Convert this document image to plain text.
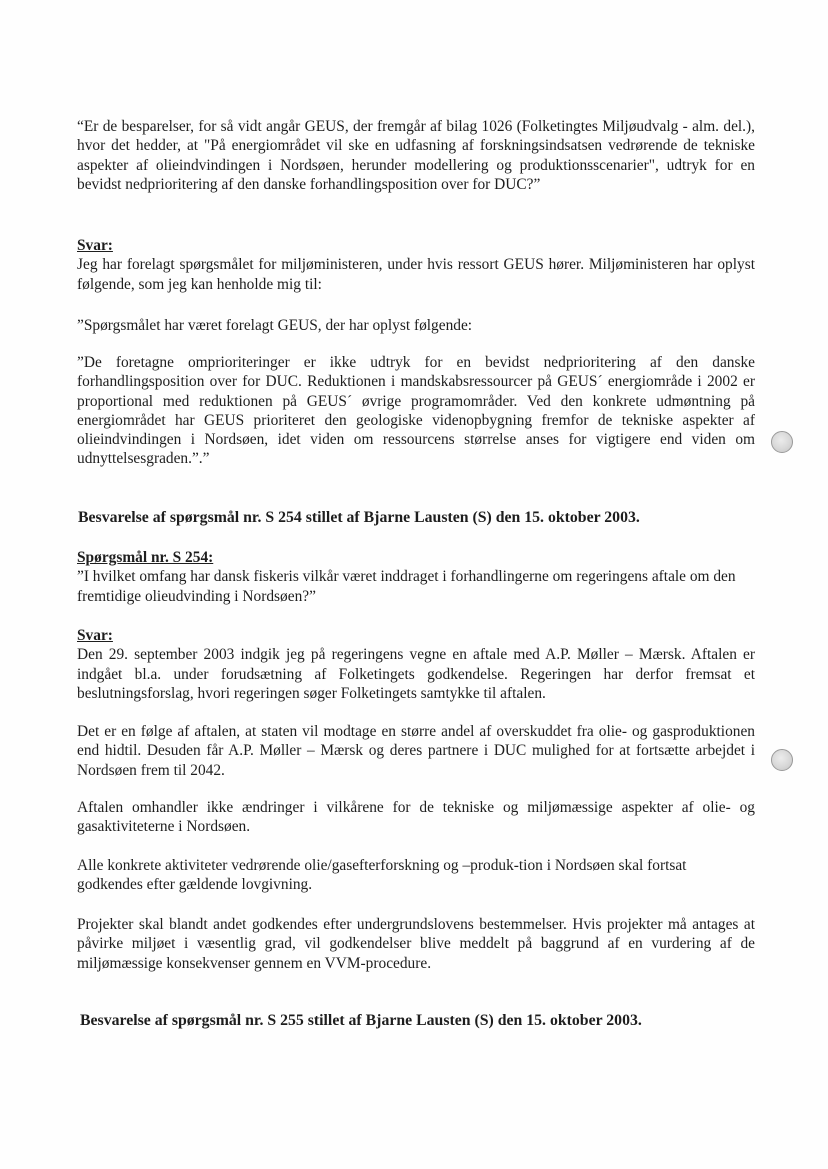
“Er de besparelser, for så vidt angår GEUS, der fremgår af bilag 1026 (Folketingtes Miljøudvalg - alm. del.), hvor det hedder, at "På energiområdet vil ske en udfasning af forskningsindsatsen vedrørende de tekniske aspekter af olieindvindingen i Nordsøen, herunder modellering og produktionsscenarier", udtryk for en bevidst nedprioritering af den danske forhandlingsposition over for DUC?”

Svar:
Jeg har forelagt spørgsmålet for miljøministeren, under hvis ressort GEUS hører. Miljøministeren har oplyst følgende, som jeg kan henholde mig til:

”Spørgsmålet har været forelagt GEUS, der har oplyst følgende:

”De foretagne omprioriteringer er ikke udtryk for en bevidst nedprioritering af den danske forhandlingsposition over for DUC. Reduktionen i mandskabsressourcer på GEUS´ energiområde i 2002 er proportional med reduktionen på GEUS´ øvrige programområder. Ved den konkrete udmøntning på energiområdet har GEUS prioriteret den geologiske videnopbygning fremfor de tekniske aspekter af olieindvindingen i Nordsøen, idet viden om ressourcens størrelse anses for vigtigere end viden om udnyttelsesgraden.”.”

Besvarelse af spørgsmål nr. S 254 stillet af Bjarne Lausten (S) den 15. oktober 2003.
Spørgsmål nr. S 254:
”I hvilket omfang har dansk fiskeris vilkår været inddraget i forhandlingerne om regeringens aftale om den fremtidige olieudvinding i Nordsøen?”
Svar:
Den 29. september 2003 indgik jeg på regeringens vegne en aftale med A.P. Møller – Mærsk. Aftalen er indgået bl.a. under forudsætning af Folketingets godkendelse. Regeringen har derfor fremsat et beslutningsforslag, hvori regeringen søger Folketingets samtykke til aftalen.

Det er en følge af aftalen, at staten vil modtage en større andel af overskuddet fra olie- og gasproduktionen end hidtil. Desuden får A.P. Møller – Mærsk og deres partnere i DUC mulighed for at fortsætte arbejdet i Nordsøen frem til 2042.

Aftalen omhandler ikke ændringer i vilkårene for de tekniske og miljømæssige aspekter af olie- og gasaktiviteterne i Nordsøen.

Alle konkrete aktiviteter vedrørende olie/gasefterforskning og –produk-tion i Nordsøen skal fortsat godkendes efter gældende lovgivning.

Projekter skal blandt andet godkendes efter undergrundslovens bestemmelser. Hvis projekter må antages at påvirke miljøet i væsentlig grad, vil godkendelser blive meddelt på baggrund af en vurdering af de miljømæssige konsekvenser gennem en VVM-procedure.

Besvarelse af spørgsmål nr. S 255 stillet af Bjarne Lausten (S) den 15. oktober 2003.
